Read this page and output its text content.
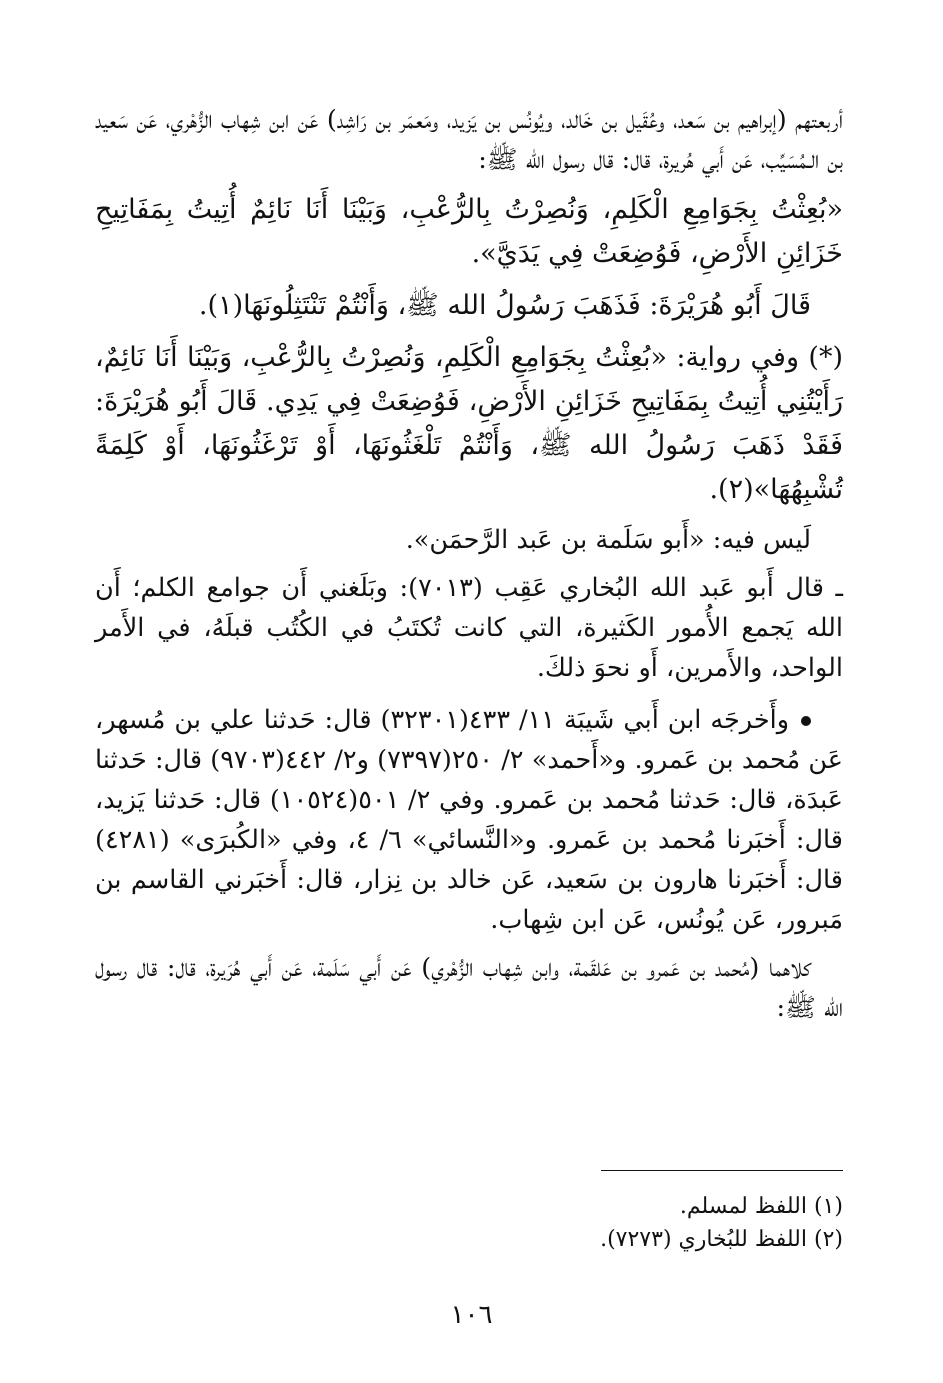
أربعتهم (إبراهيم بن سَعد، وعُقَيل بن خَالد، ويُونُس بن يَزيد، ومَعمَر بن رَاشِد) عَن ابن شِهاب الزُّهْري، عَن سَعيد بن الـمُسَيِّب، عَن أَبي هُريرة، قال: قال رسول الله ﷺ:

«بُعِثْتُ بِجَوَامِعِ الْكَلِمِ، وَنُصِرْتُ بِالرُّعْبِ، وَبَيْنَا أَنَا نَائِمٌ أُتِيتُ بِمَفَاتِيحِ خَزَائِنِ الأَرْضِ، فَوُضِعَتْ فِي يَدَيَّ».

قَالَ أَبُو هُرَيْرَةَ: فَذَهَبَ رَسُولُ الله ﷺ، وَأَنْتُمْ تَنْتَثِلُونَهَا(١).

(*) وفي رواية: «بُعِثْتُ بِجَوَامِعِ الْكَلِمِ، وَنُصِرْتُ بِالرُّعْبِ، وَبَيْنَا أَنَا نَائِمٌ، رَأَيْتُنِي أُتِيتُ بِمَفَاتِيحِ خَزَائِنِ الأَرْضِ، فَوُضِعَتْ فِي يَدِي. قَالَ أَبُو هُرَيْرَةَ: فَقَدْ ذَهَبَ رَسُولُ الله ﷺ، وَأَنْتُمْ تَلْغَثُونَهَا، أَوْ تَرْغَثُونَهَا، أَوْ كَلِمَةً تُشْبِهُهَا»(٢).

لَيس فيه: «أَبو سَلَمة بن عَبد الرَّحمَن».

ـ قال أَبو عَبد الله البُخاري عَقِب (٧٠١٣): وبَلَغني أَن جوامع الكلم؛ أَن الله يَجمع الأُمور الكَثيرة، التي كانت تُكتَبُ في الكُتُب قبلَهُ، في الأَمر الواحد، والأَمرين، أَو نحوَ ذلكَ.

وأَخرجَه ابن أَبي شَيبَة ١١/ ٤٣٣(٣٢٣٠١) قال: حَدثنا علي بن مُسهر، عَن مُحمد بن عَمرو. و«أَحمد» ٢/ ٢٥٠(٧٣٩٧) و٢/ ٤٤٢(٩٧٠٣) قال: حَدثنا عَبدَة، قال: حَدثنا مُحمد بن عَمرو. وفي ٢/ ٥٠١(١٠٥٢٤) قال: حَدثنا يَزيد، قال: أَخبَرنا مُحمد بن عَمرو. و«النَّسائي» ٦/ ٤، وفي «الكُبرَى» (٤٢٨١) قال: أَخبَرنا هارون بن سَعيد، عَن خالد بن نِزار، قال: أَخبَرني القاسم بن مَبرور، عَن يُونُس، عَن ابن شِهاب.

كلاهما (مُحمد بن عَمرو بن عَلقَمة، وابن شِهاب الزُّهْري) عَن أَبي سَلَمة، عَن أَبي هُرَيرة، قال: قال رسول الله ﷺ:

(١) اللفظ لمسلم.
(٢) اللفظ للبُخاري (٧٢٧٣).
١٠٦
